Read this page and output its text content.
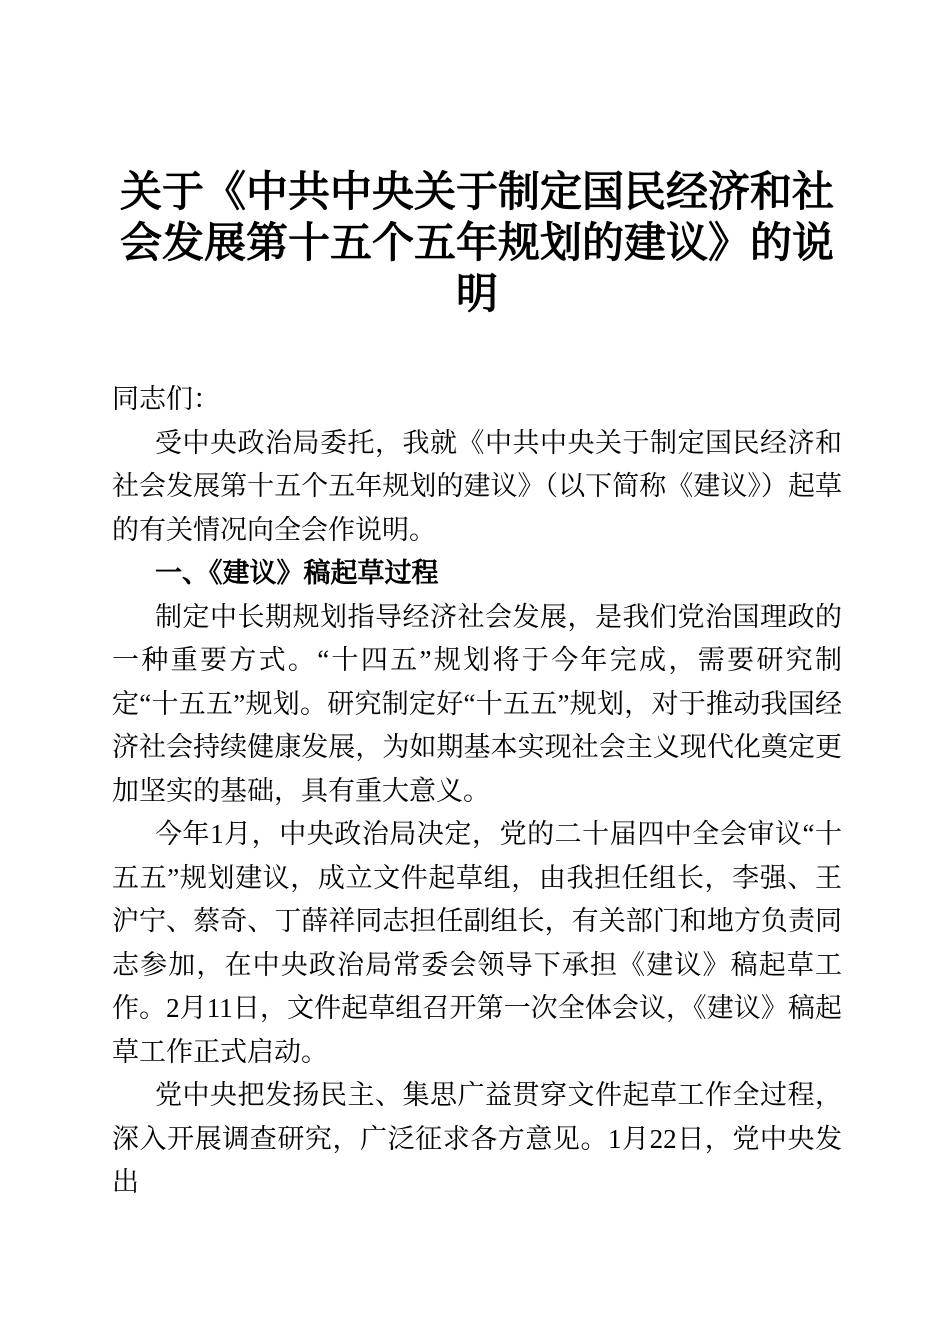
关于《中共中央关于制定国民经济和社会发展第十五个五年规划的建议》的说明

同志们：

受中央政治局委托，我就《中共中央关于制定国民经济和社会发展第十五个五年规划的建议》（以下简称《建议》）起草的有关情况向全会作说明。

一、《建议》稿起草过程

制定中长期规划指导经济社会发展，是我们党治国理政的一种重要方式。“十四五”规划将于今年完成，需要研究制定“十五五”规划。研究制定好“十五五”规划，对于推动我国经济社会持续健康发展，为如期基本实现社会主义现代化奠定更加坚实的基础，具有重大意义。

今年1月，中央政治局决定，党的二十届四中全会审议“十五五”规划建议，成立文件起草组，由我担任组长，李强、王沪宁、蔡奇、丁薛祥同志担任副组长，有关部门和地方负责同志参加，在中央政治局常委会领导下承担《建议》稿起草工作。2月11日，文件起草组召开第一次全体会议，《建议》稿起草工作正式启动。

党中央把发扬民主、集思广益贯穿文件起草工作全过程，深入开展调查研究，广泛征求各方意见。1月22日，党中央发出
